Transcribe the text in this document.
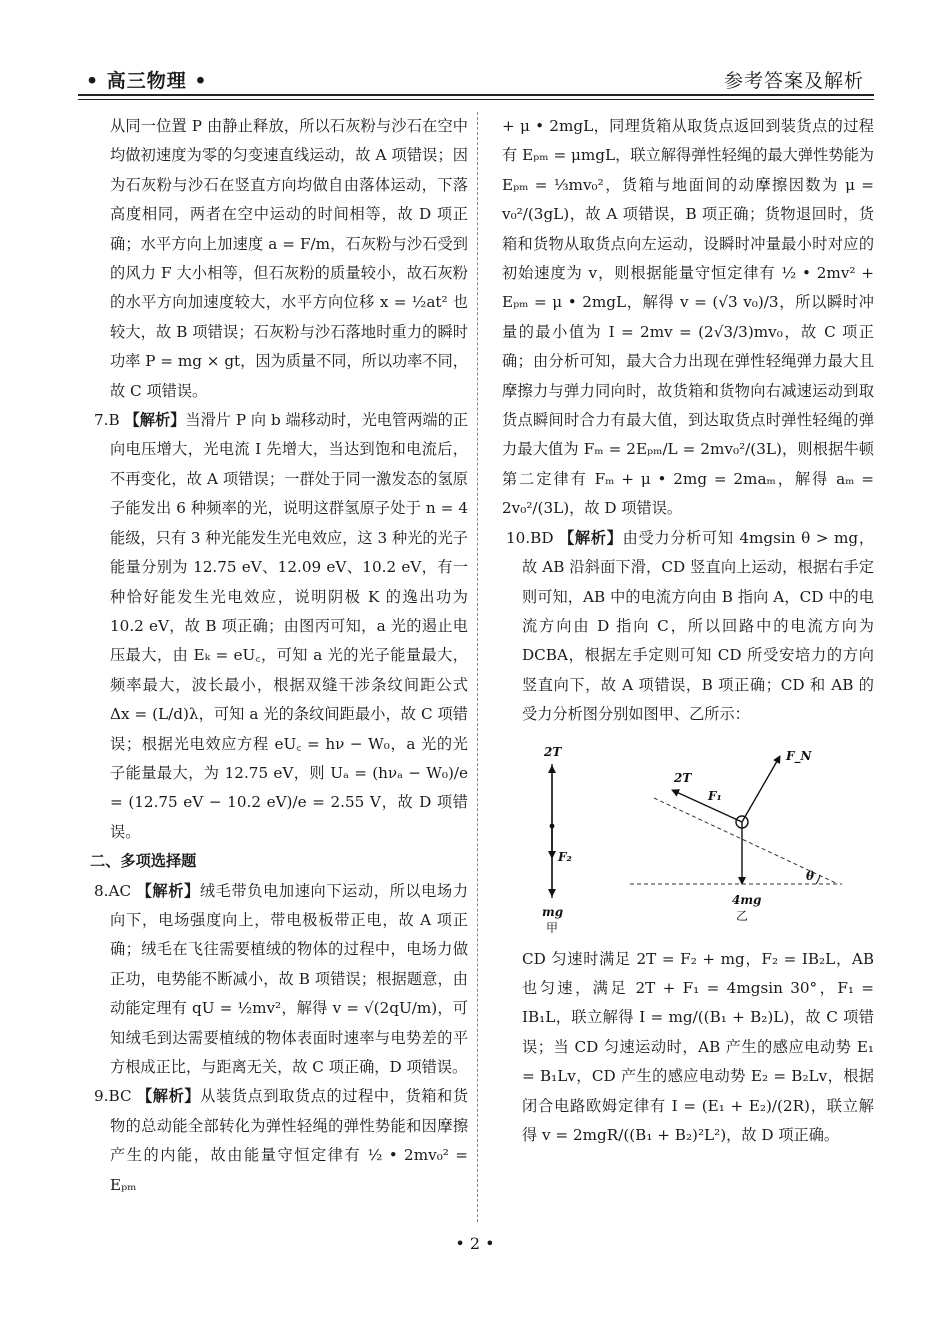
• 高三物理 •	参考答案及解析

从同一位置 P 由静止释放，所以石灰粉与沙石在空中均做初速度为零的匀变速直线运动，故 A 项错误；因为石灰粉与沙石在竖直方向均做自由落体运动，下落高度相同，两者在空中运动的时间相等，故 D 项正确；水平方向上加速度 a = F/m，石灰粉与沙石受到的风力 F 大小相等，但石灰粉的质量较小，故石灰粉的水平方向加速度较大，水平方向位移 x = ½at² 也较大，故 B 项错误；石灰粉与沙石落地时重力的瞬时功率 P = mg × gt，因为质量不同，所以功率不同，故 C 项错误。

7.B 【解析】当滑片 P 向 b 端移动时，光电管两端的正向电压增大，光电流 I 先增大，当达到饱和电流后，不再变化，故 A 项错误；一群处于同一激发态的氢原子能发出 6 种频率的光，说明这群氢原子处于 n = 4 能级，只有 3 种光能发生光电效应，这 3 种光的光子能量分别为 12.75 eV、12.09 eV、10.2 eV，有一种恰好能发生光电效应，说明阴极 K 的逸出功为 10.2 eV，故 B 项正确；由图丙可知，a 光的遏止电压最大，由 Eₖ = eU꜀，可知 a 光的光子能量最大，频率最大，波长最小，根据双缝干涉条纹间距公式 Δx = (L/d)λ，可知 a 光的条纹间距最小，故 C 项错误；根据光电效应方程 eU꜀ = hν − W₀，a 光的光子能量最大，为 12.75 eV，则 Uₐ = (hνₐ − W₀)/e = (12.75 eV − 10.2 eV)/e = 2.55 V，故 D 项错误。

二、多项选择题

8.AC 【解析】绒毛带负电加速向下运动，所以电场力向下，电场强度向上，带电极板带正电，故 A 项正确；绒毛在飞往需要植绒的物体的过程中，电场力做正功，电势能不断减小，故 B 项错误；根据题意，由动能定理有 qU = ½mv²，解得 v = √(2qU/m)，可知绒毛到达需要植绒的物体表面时速率与电势差的平方根成正比，与距离无关，故 C 项正确，D 项错误。

9.BC 【解析】从装货点到取货点的过程中，货箱和货物的总动能全部转化为弹性轻绳的弹性势能和因摩擦产生的内能，故由能量守恒定律有 ½ • 2mv₀² = Eₚₘ

+ μ • 2mgL，同理货箱从取货点返回到装货点的过程有 Eₚₘ = μmgL，联立解得弹性轻绳的最大弹性势能为 Eₚₘ = ⅓mv₀²，货箱与地面间的动摩擦因数为 μ = v₀²/(3gL)，故 A 项错误，B 项正确；货物退回时，货箱和货物从取货点向左运动，设瞬时冲量最小时对应的初始速度为 v，则根据能量守恒定律有 ½ • 2mv² + Eₚₘ = μ • 2mgL，解得 v = (√3 v₀)/3，所以瞬时冲量的最小值为 I = 2mv = (2√3/3)mv₀，故 C 项正确；由分析可知，最大合力出现在弹性轻绳弹力最大且摩擦力与弹力同向时，故货箱和货物向右减速运动到取货点瞬间时合力有最大值，到达取货点时弹性轻绳的弹力最大值为 Fₘ = 2Eₚₘ/L = 2mv₀²/(3L)，则根据牛顿第二定律有 Fₘ + μ • 2mg = 2maₘ，解得 aₘ = 2v₀²/(3L)，故 D 项错误。

10.BD 【解析】由受力分析可知 4mgsin θ > mg，故 AB 沿斜面下滑，CD 竖直向上运动，根据右手定则可知，AB 中的电流方向由 B 指向 A，CD 中的电流方向由 D 指向 C，所以回路中的电流方向为 DCBA，根据左手定则可知 CD 所受安培力的方向竖直向下，故 A 项错误，B 项正确；CD 和 AB 的受力分析图分别如图甲、乙所示：

2T
F₂
mg
甲
2T
F₁
F_N
4mg
θ
乙

CD 匀速时满足 2T = F₂ + mg，F₂ = IB₂L，AB 也匀速，满足 2T + F₁ = 4mgsin 30°，F₁ = IB₁L，联立解得 I = mg/((B₁ + B₂)L)，故 C 项错误；当 CD 匀速运动时，AB 产生的感应电动势 E₁ = B₁Lv，CD 产生的感应电动势 E₂ = B₂Lv，根据闭合电路欧姆定律有 I = (E₁ + E₂)/(2R)，联立解得 v = 2mgR/((B₁ + B₂)²L²)，故 D 项正确。

• 2 •
